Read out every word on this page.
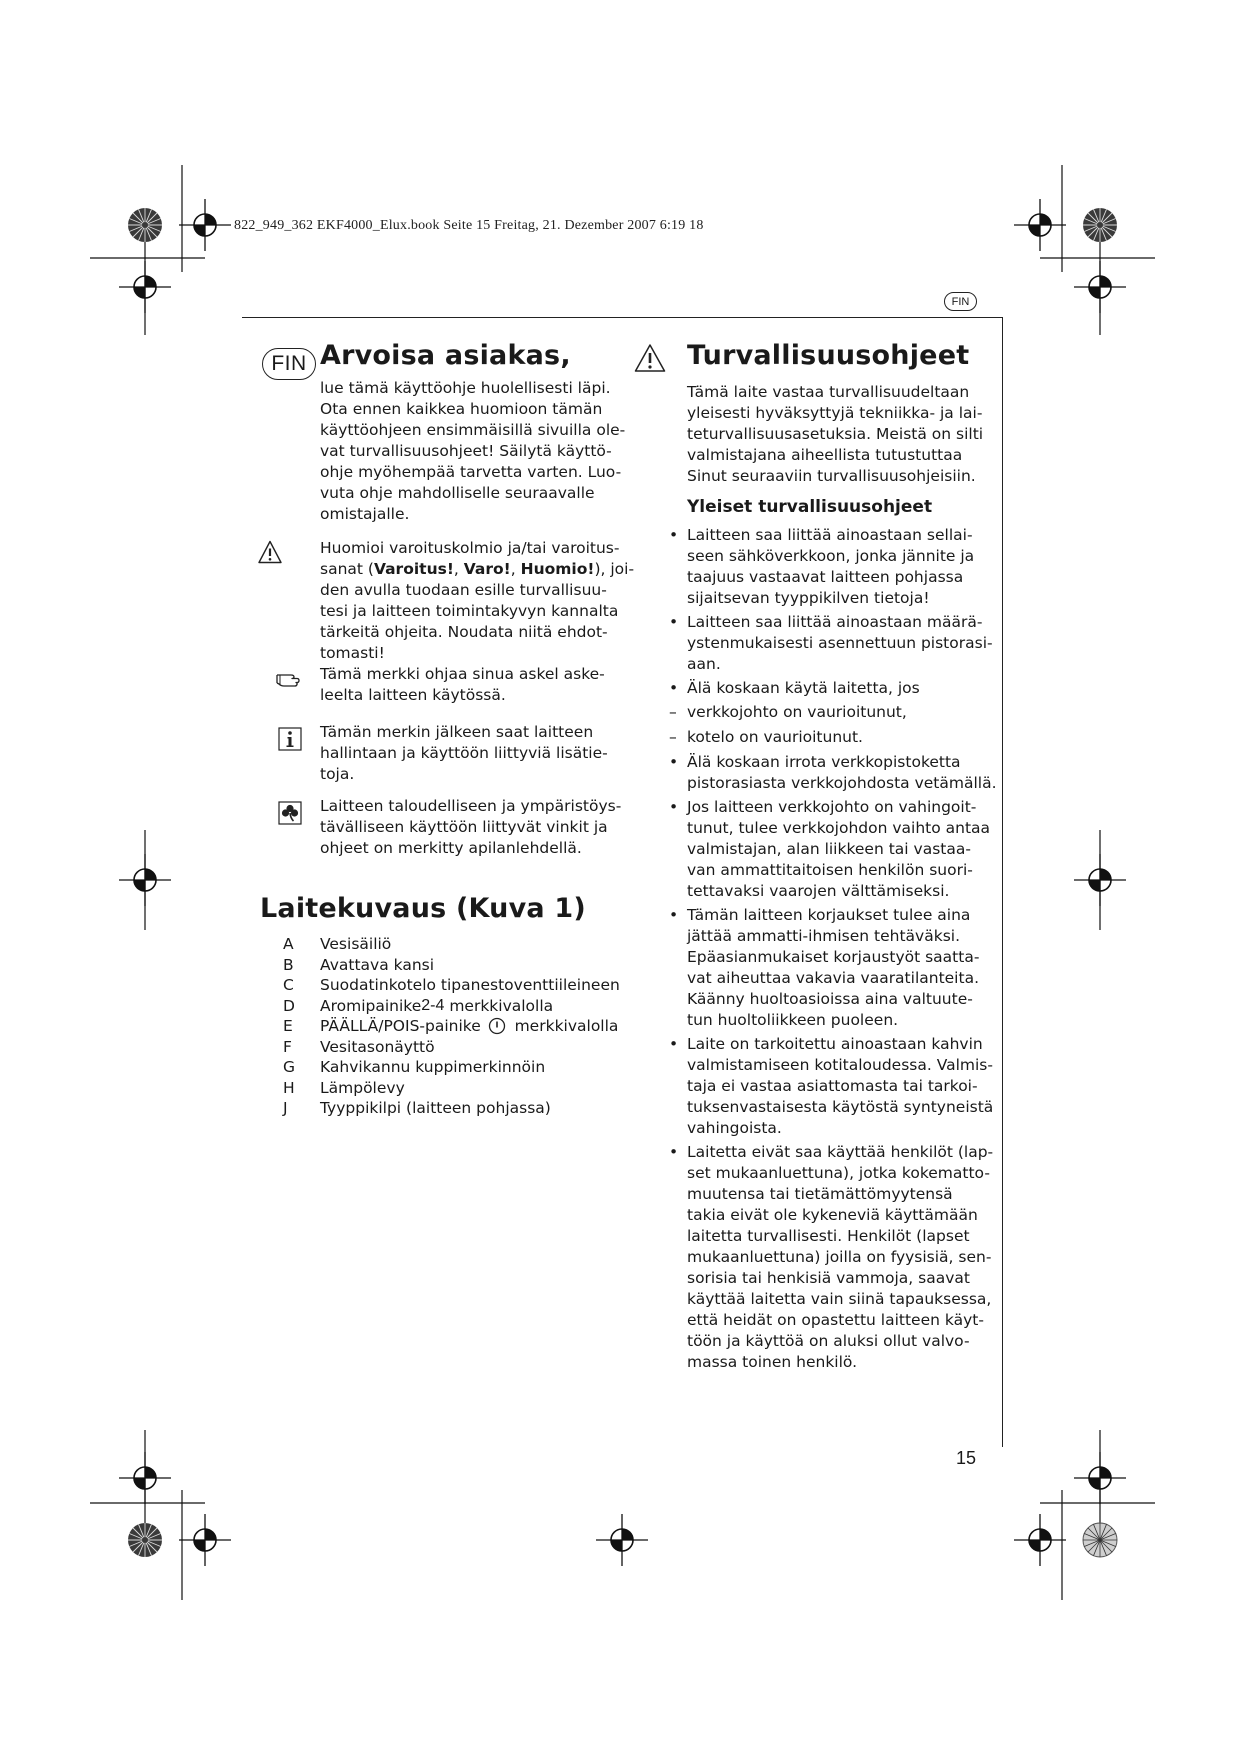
822_949_362 EKF4000_Elux.book Seite 15 Freitag, 21. Dezember 2007 6:19 18
FIN
FIN Arvoisa asiakas,

lue tämä käyttöohje huolellisesti läpi.

Ota ennen kaikkea huomioon tämän

käyttöohjeen ensimmäisillä sivuilla ole-

vat turvallisuusohjeet! Säilytä käyttö-

ohje myöhempää tarvetta varten. Luo-

vuta ohje mahdolliselle seuraavalle

omistajalle.

Huomioi varoituskolmio ja/tai varoitus-

sanat (Varoitus!, Varo!, Huomio!), joi-

den avulla tuodaan esille turvallisuu-

tesi ja laitteen toimintakyvyn kannalta

tärkeitä ohjeita. Noudata niitä ehdot-

tomasti!

Tämä merkki ohjaa sinua askel aske-

leelta laitteen käytössä.

Tämän merkin jälkeen saat laitteen

hallintaan ja käyttöön liittyviä lisätie-

toja.

Laitteen taloudelliseen ja ympäristöys-

tävälliseen käyttöön liittyvät vinkit ja

ohjeet on merkitty apilanlehdellä.

Laitekuvaus (Kuva 1)
A	Vesisäiliö
B	Avattava kansi
C	Suodatinkotelo tipanestoventtiileineen
D	Aromipainike 2-4 merkkivalolla
E	PÄÄLLÄ/POIS-painike merkkivalolla
F	Vesitasonäyttö
G	Kahvikannu kuppimerkinnöin
H	Lämpölevy
J	Tyyppikilpi (laitteen pohjassa)
Turvallisuusohjeet

Tämä laite vastaa turvallisuudeltaan

yleisesti hyväksyttyjä tekniikka- ja lai-

teturvallisuusasetuksia. Meistä on silti

valmistajana aiheellista tutustuttaa

Sinut seuraaviin turvallisuusohjeisiin.

Yleiset turvallisuusohjeet
• Laitteen saa liittää ainoastaan sellai-
seen sähköverkkoon, jonka jännite ja
taajuus vastaavat laitteen pohjassa
sijaitsevan tyyppikilven tietoja!
• Laitteen saa liittää ainoastaan määrä-
ystenmukaisesti asennettuun pistorasi-
aan.
• Älä koskaan käytä laitetta, jos
– verkkojohto on vaurioitunut,
– kotelo on vaurioitunut.
• Älä koskaan irrota verkkopistoketta
pistorasiasta verkkojohdosta vetämällä.
• Jos laitteen verkkojohto on vahingoit-
tunut, tulee verkkojohdon vaihto antaa
valmistajan, alan liikkeen tai vastaa-
van ammattitaitoisen henkilön suori-
tettavaksi vaarojen välttämiseksi.
• Tämän laitteen korjaukset tulee aina
jättää ammatti-ihmisen tehtäväksi.
Epäasianmukaiset korjaustyöt saatta-
vat aiheuttaa vakavia vaaratilanteita.
Käänny huoltoasioissa aina valtuute-
tun huoltoliikkeen puoleen.
• Laite on tarkoitettu ainoastaan kahvin
valmistamiseen kotitaloudessa. Valmis-
taja ei vastaa asiattomasta tai tarkoi-
tuksenvastaisesta käytöstä syntyneistä
vahingoista.
• Laitetta eivät saa käyttää henkilöt (lap-
set mukaanluettuna), jotka kokematto-
muutensa tai tietämättömyytensä
takia eivät ole kykeneviä käyttämään
laitetta turvallisesti. Henkilöt (lapset
mukaanluettuna) joilla on fyysisiä, sen-
sorisia tai henkisiä vammoja, saavat
käyttää laitetta vain siinä tapauksessa,
että heidät on opastettu laitteen käyt-
töön ja käyttöä on aluksi ollut valvo-
massa toinen henkilö.
15
